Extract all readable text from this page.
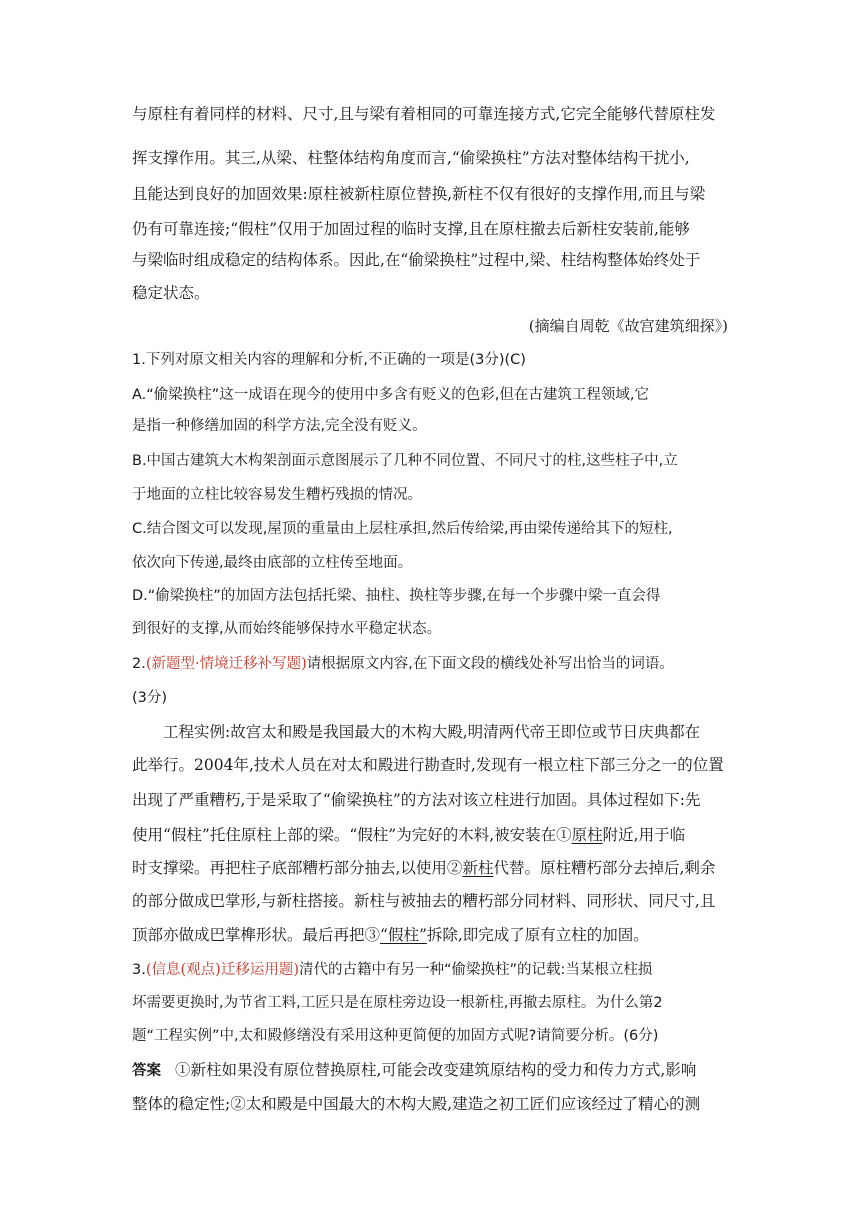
与原柱有着同样的材料、尺寸,且与梁有着相同的可靠连接方式,它完全能够代替原柱发
挥支撑作用。其三,从梁、柱整体结构角度而言,“偷梁换柱”方法对整体结构干扰小,
且能达到良好的加固效果:原柱被新柱原位替换,新柱不仅有很好的支撑作用,而且与梁
仍有可靠连接;“假柱”仅用于加固过程的临时支撑,且在原柱撤去后新柱安装前,能够
与梁临时组成稳定的结构体系。因此,在“偷梁换柱”过程中,梁、柱结构整体始终处于
稳定状态。
(摘编自周乾《故宫建筑细探》)
1.下列对原文相关内容的理解和分析,不正确的一项是(3分)(C)
A.“偷梁换柱”这一成语在现今的使用中多含有贬义的色彩,但在古建筑工程领域,它
是指一种修缮加固的科学方法,完全没有贬义。
B.中国古建筑大木构架剖面示意图展示了几种不同位置、不同尺寸的柱,这些柱子中,立
于地面的立柱比较容易发生糟朽残损的情况。
C.结合图文可以发现,屋顶的重量由上层柱承担,然后传给梁,再由梁传递给其下的短柱,
依次向下传递,最终由底部的立柱传至地面。
D.“偷梁换柱”的加固方法包括托梁、抽柱、换柱等步骤,在每一个步骤中梁一直会得
到很好的支撑,从而始终能够保持水平稳定状态。
2.(新题型·情境迁移补写题)请根据原文内容,在下面文段的横线处补写出恰当的词语。
(3分)
工程实例:故宫太和殿是我国最大的木构大殿,明清两代帝王即位或节日庆典都在
此举行。2004年,技术人员在对太和殿进行勘查时,发现有一根立柱下部三分之一的位置
出现了严重糟朽,于是采取了“偷梁换柱”的方法对该立柱进行加固。具体过程如下:先
使用“假柱”托住原柱上部的梁。“假柱”为完好的木料,被安装在①原柱附近,用于临
时支撑梁。再把柱子底部糟朽部分抽去,以使用②新柱代替。原柱糟朽部分去掉后,剩余
的部分做成巴掌形,与新柱搭接。新柱与被抽去的糟朽部分同材料、同形状、同尺寸,且
顶部亦做成巴掌榫形状。最后再把③“假柱”拆除,即完成了原有立柱的加固。
3.(信息(观点)迁移运用题)清代的古籍中有另一种“偷梁换柱”的记载:当某根立柱损
坏需要更换时,为节省工料,工匠只是在原柱旁边设一根新柱,再撤去原柱。为什么第2
题“工程实例”中,太和殿修缮没有采用这种更简便的加固方式呢?请简要分析。(6分)
答案 ①新柱如果没有原位替换原柱,可能会改变建筑原结构的受力和传力方式,影响
整体的稳定性;②太和殿是中国最大的木构大殿,建造之初工匠们应该经过了精心的测
